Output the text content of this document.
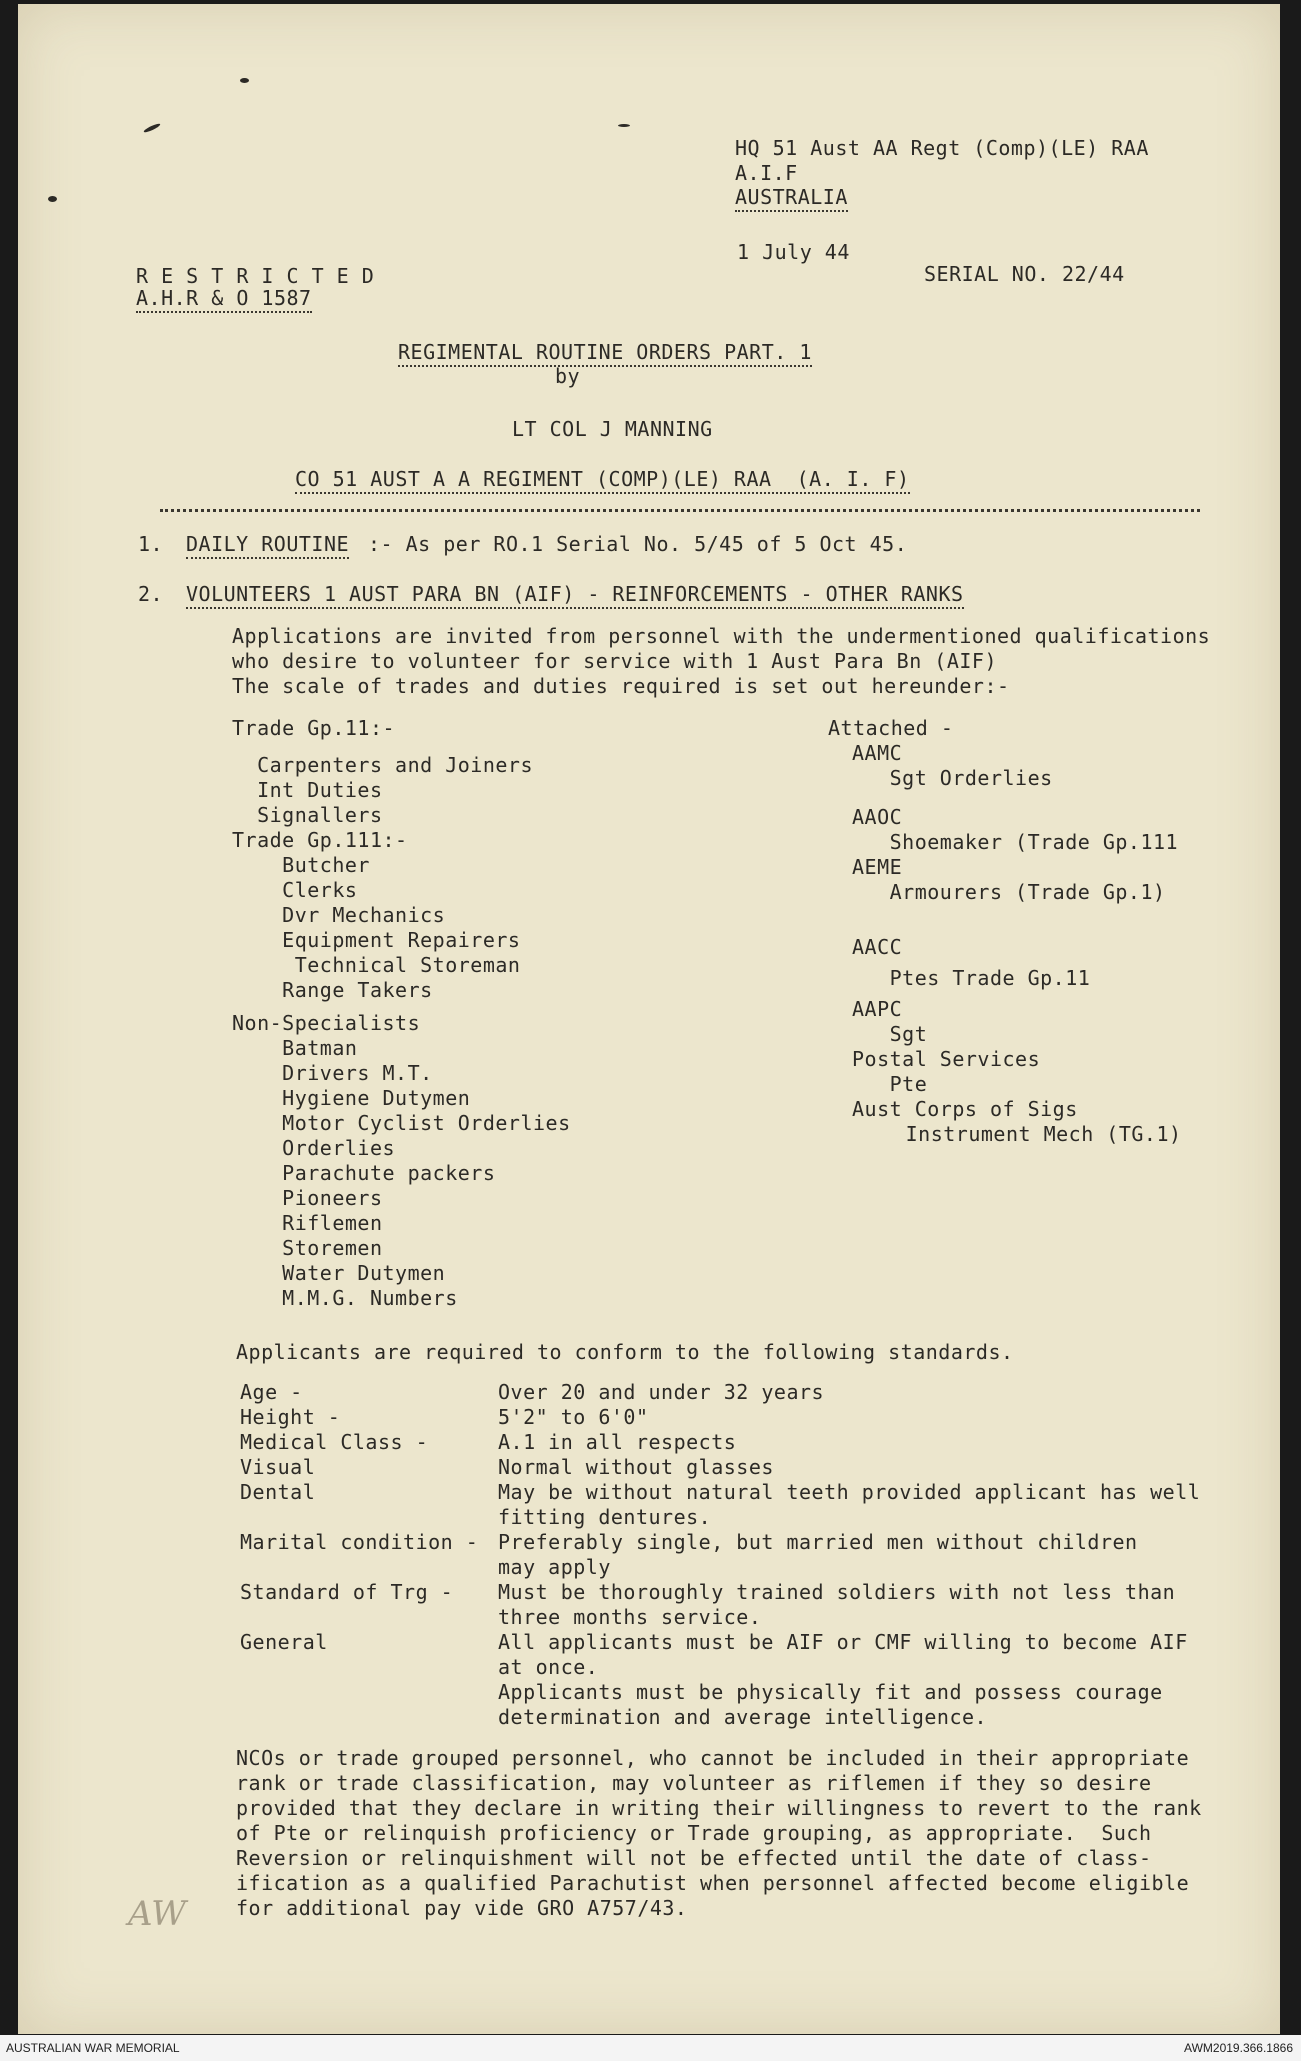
HQ 51 Aust AA Regt (Comp)(LE) RAA
A.I.F
AUSTRALIA
1 July 44
SERIAL NO. 22/44
R E S T R I C T E D
A.H.R & O 1587
REGIMENTAL ROUTINE ORDERS PART. 1
by
LT COL J MANNING
CO 51 AUST A A REGIMENT (COMP)(LE) RAA  (A. I. F)
1. DAILY ROUTINE :- As per RO.1 Serial No. 5/45 of 5 Oct 45.
2. VOLUNTEERS 1 AUST PARA BN (AIF) - REINFORCEMENTS - OTHER RANKS
Applications are invited from personnel with the undermentioned qualifications
who desire to volunteer for service with 1 Aust Para Bn (AIF)
The scale of trades and duties required is set out hereunder:-
Trade Gp.11:-
Carpenters and Joiners
Int Duties
Signallers
Trade Gp.111:-
Butcher
Clerks
Dvr Mechanics
Equipment Repairers
Technical Storeman
Range Takers
Non-Specialists
Batman
Drivers M.T.
Hygiene Dutymen
Motor Cyclist Orderlies
Orderlies
Parachute packers
Pioneers
Riflemen
Storemen
Water Dutymen
M.M.G. Numbers
Attached -
AAMC
Sgt Orderlies
AAOC
Shoemaker (Trade Gp.111
AEME
Armourers (Trade Gp.1)
AACC
Ptes Trade Gp.11
AAPC
Sgt
Postal Services
Pte
Aust Corps of Sigs
Instrument Mech (TG.1)
Applicants are required to conform to the following standards.
Age -	Over 20 and under 32 years
Height -	5'2" to 6'0"
Medical Class -	A.1 in all respects
Visual	Normal without glasses
Dental	May be without natural teeth provided applicant has well
fitting dentures.
Marital condition - Preferably single, but married men without children
may apply
Standard of Trg -	Must be thoroughly trained soldiers with not less than
three months service.
General	All applicants must be AIF or CMF willing to become AIF
at once.
Applicants must be physically fit and possess courage
determination and average intelligence.
NCOs or trade grouped personnel, who cannot be included in their appropriate
rank or trade classification, may volunteer as riflemen if they so desire
provided that they declare in writing their willingness to revert to the rank
of Pte or relinquish proficiency or Trade grouping, as appropriate.  Such
Reversion or relinquishment will not be effected until the date of class-
ification as a qualified Parachutist when personnel affected become eligible
for additional pay vide GRO A757/43.
AW
AUSTRALIAN WAR MEMORIAL	AWM2019.366.1866
